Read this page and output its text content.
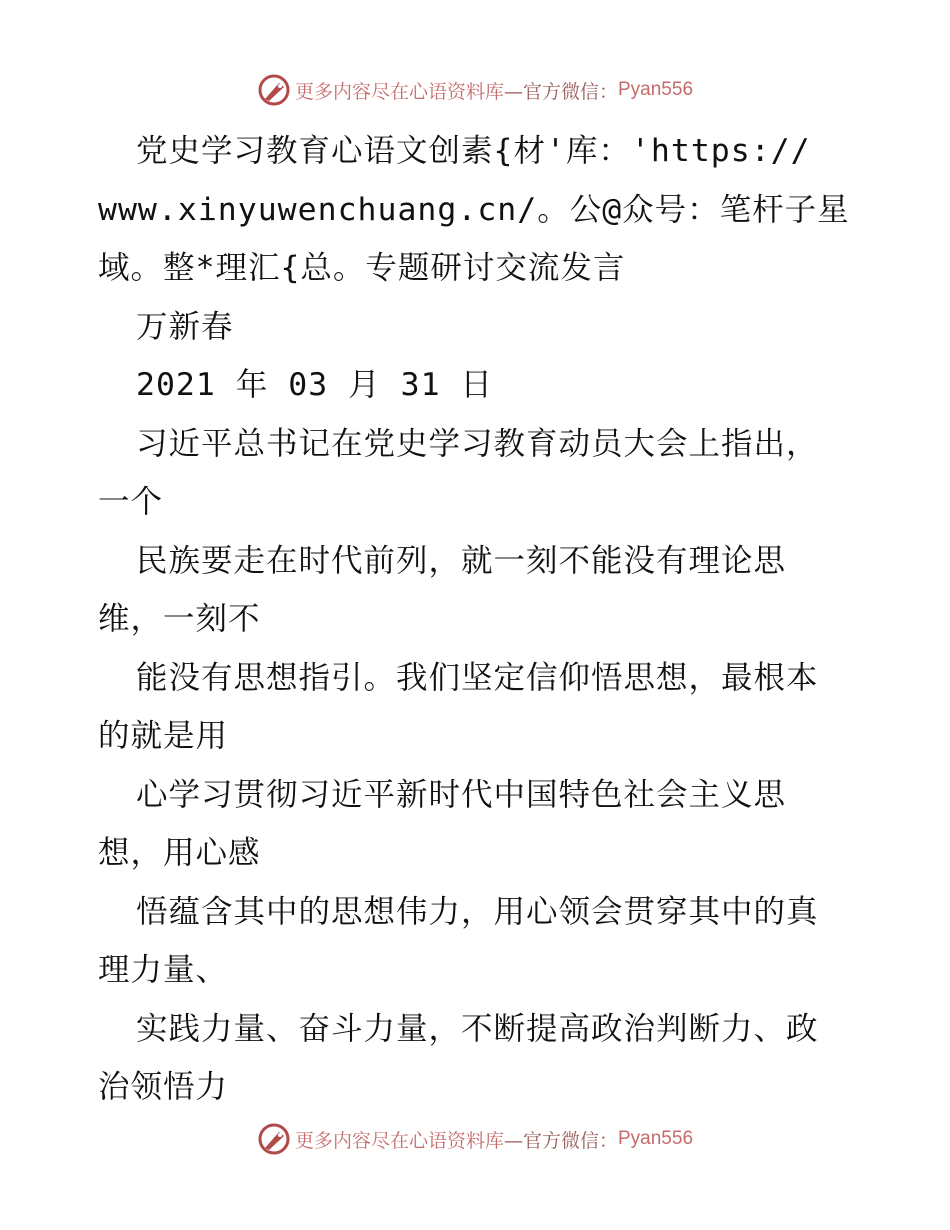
更多内容尽在心语资料库 —官方微信： Pyan556
党史学习教育心语文创素{材'库：'https://
www.xinyuwenchuang.cn/。公@众号：笔杆子星
域。整*理汇{总。专题研讨交流发言
万新春
2021 年 03 月 31 日
习近平总书记在党史学习教育动员大会上指出，
一个
民族要走在时代前列，就一刻不能没有理论思
维，一刻不
能没有思想指引。我们坚定信仰悟思想，最根本
的就是用
心学习贯彻习近平新时代中国特色社会主义思
想，用心感
悟蕴含其中的思想伟力，用心领会贯穿其中的真
理力量、
实践力量、奋斗力量，不断提高政治判断力、政
治领悟力
更多内容尽在心语资料库 —官方微信： Pyan556
